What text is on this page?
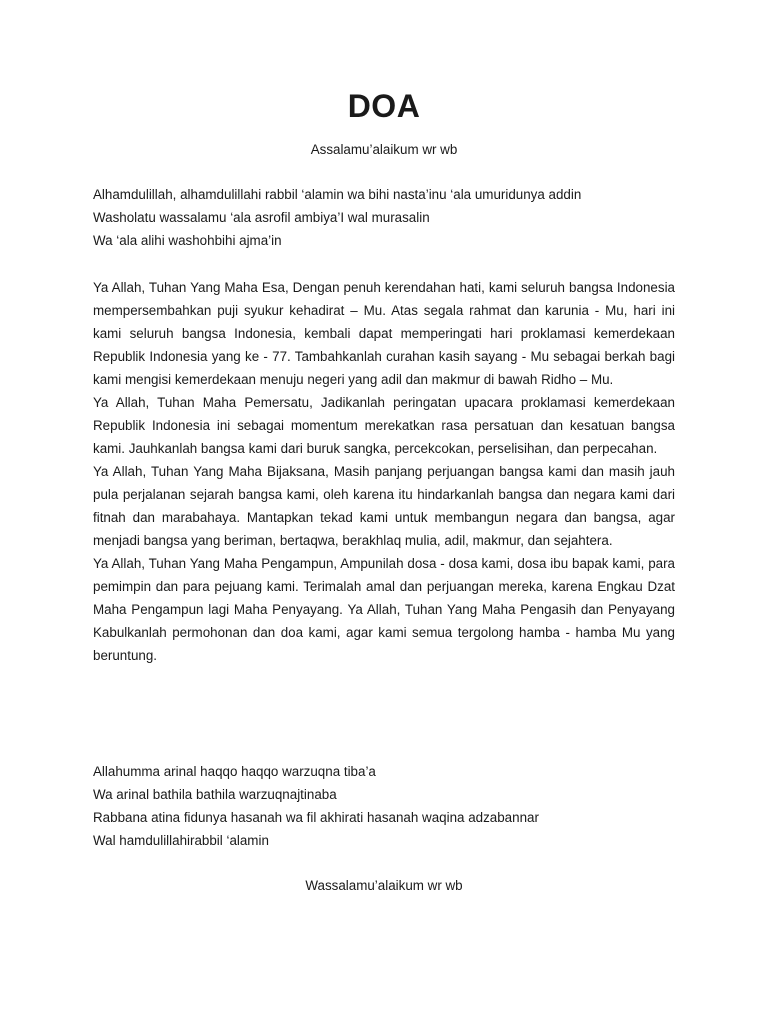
DOA

Assalamu’alaikum wr wb

Alhamdulillah, alhamdulillahi rabbil ‘alamin wa bihi nasta’inu ‘ala umuridunya addin

Washolatu wassalamu ‘ala asrofil ambiya’I wal murasalin

Wa ‘ala alihi washohbihi ajma’in

Ya Allah, Tuhan Yang Maha Esa, Dengan penuh kerendahan hati, kami seluruh bangsa Indonesia mempersembahkan puji syukur kehadirat – Mu. Atas segala rahmat dan karunia - Mu, hari ini kami seluruh bangsa Indonesia, kembali dapat memperingati hari proklamasi kemerdekaan Republik Indonesia yang ke - 77. Tambahkanlah curahan kasih sayang - Mu sebagai berkah bagi kami mengisi kemerdekaan menuju negeri yang adil dan makmur di bawah Ridho – Mu.

Ya Allah, Tuhan Maha Pemersatu, Jadikanlah peringatan upacara proklamasi kemerdekaan Republik Indonesia ini sebagai momentum merekatkan rasa persatuan dan kesatuan bangsa kami. Jauhkanlah bangsa kami dari buruk sangka, percekcokan, perselisihan, dan perpecahan.

Ya Allah, Tuhan Yang Maha Bijaksana, Masih panjang perjuangan bangsa kami dan masih jauh pula perjalanan sejarah bangsa kami, oleh karena itu hindarkanlah bangsa dan negara kami dari fitnah dan marabahaya. Mantapkan tekad kami untuk membangun negara dan bangsa, agar menjadi bangsa yang beriman, bertaqwa, berakhlaq mulia, adil, makmur, dan sejahtera.

Ya Allah, Tuhan Yang Maha Pengampun, Ampunilah dosa - dosa kami, dosa ibu bapak kami, para pemimpin dan para pejuang kami. Terimalah amal dan perjuangan mereka, karena Engkau Dzat Maha Pengampun lagi Maha Penyayang. Ya Allah, Tuhan Yang Maha Pengasih dan Penyayang Kabulkanlah permohonan dan doa kami, agar kami semua tergolong hamba - hamba Mu yang beruntung.

Allahumma arinal haqqo haqqo warzuqna tiba’a

Wa arinal bathila bathila warzuqnajtinaba

Rabbana atina fidunya hasanah wa fil akhirati hasanah waqina adzabannar

Wal hamdulillahirabbil ‘alamin

Wassalamu’alaikum wr wb
